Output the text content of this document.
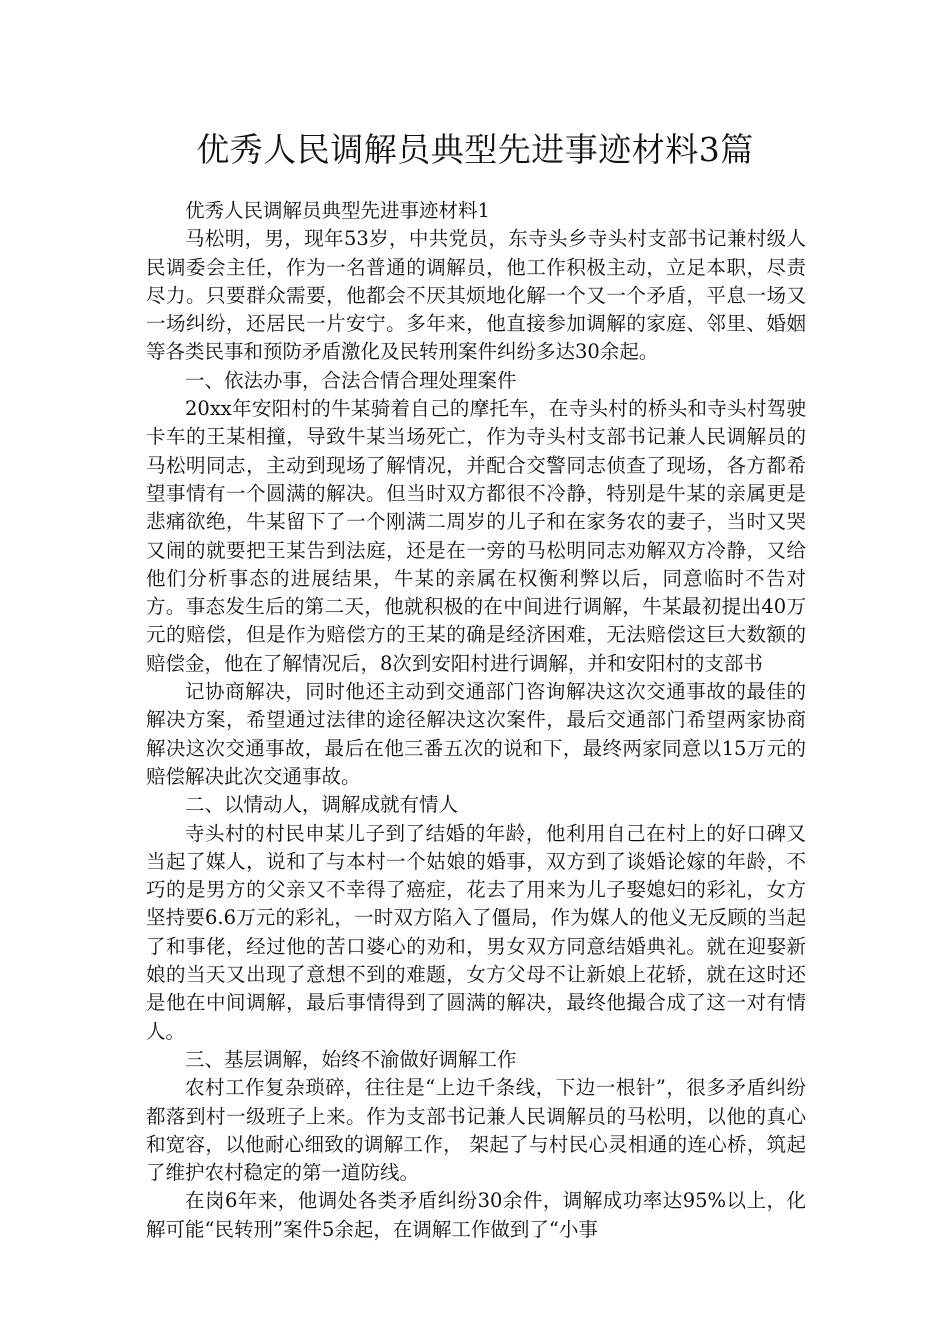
优秀人民调解员典型先进事迹材料3篇

优秀人民调解员典型先进事迹材料1

马松明，男，现年53岁，中共党员，东寺头乡寺头村支部书记兼村级人民调委会主任，作为一名普通的调解员，他工作积极主动，立足本职，尽责尽力。只要群众需要，他都会不厌其烦地化解一个又一个矛盾，平息一场又一场纠纷，还居民一片安宁。多年来，他直接参加调解的家庭、邻里、婚姻等各类民事和预防矛盾激化及民转刑案件纠纷多达30余起。

一、依法办事，合法合情合理处理案件

20xx年安阳村的牛某骑着自己的摩托车，在寺头村的桥头和寺头村驾驶卡车的王某相撞，导致牛某当场死亡，作为寺头村支部书记兼人民调解员的马松明同志，主动到现场了解情况，并配合交警同志侦查了现场，各方都希望事情有一个圆满的解决。但当时双方都很不冷静，特别是牛某的亲属更是悲痛欲绝，牛某留下了一个刚满二周岁的儿子和在家务农的妻子，当时又哭又闹的就要把王某告到法庭，还是在一旁的马松明同志劝解双方冷静，又给他们分析事态的进展结果，牛某的亲属在权衡利弊以后，同意临时不告对方。事态发生后的第二天，他就积极的在中间进行调解，牛某最初提出40万元的赔偿，但是作为赔偿方的王某的确是经济困难，无法赔偿这巨大数额的赔偿金，他在了解情况后，8次到安阳村进行调解，并和安阳村的支部书

记协商解决，同时他还主动到交通部门咨询解决这次交通事故的最佳的解决方案，希望通过法律的途径解决这次案件，最后交通部门希望两家协商解决这次交通事故，最后在他三番五次的说和下，最终两家同意以15万元的赔偿解决此次交通事故。

二、以情动人，调解成就有情人

寺头村的村民申某儿子到了结婚的年龄，他利用自己在村上的好口碑又当起了媒人，说和了与本村一个姑娘的婚事，双方到了谈婚论嫁的年龄，不巧的是男方的父亲又不幸得了癌症，花去了用来为儿子娶媳妇的彩礼，女方坚持要6.6万元的彩礼，一时双方陷入了僵局，作为媒人的他义无反顾的当起了和事佬，经过他的苦口婆心的劝和，男女双方同意结婚典礼。就在迎娶新娘的当天又出现了意想不到的难题，女方父母不让新娘上花轿，就在这时还是他在中间调解，最后事情得到了圆满的解决，最终他撮合成了这一对有情人。

三、基层调解，始终不渝做好调解工作

农村工作复杂琐碎，往往是“上边千条线，下边一根针”，很多矛盾纠纷都落到村一级班子上来。作为支部书记兼人民调解员的马松明，以他的真心和宽容，以他耐心细致的调解工作， 架起了与村民心灵相通的连心桥，筑起了维护农村稳定的第一道防线。

在岗6年来，他调处各类矛盾纠纷30余件，调解成功率达95%以上，化解可能“民转刑”案件5余起，在调解工作做到了“小事
